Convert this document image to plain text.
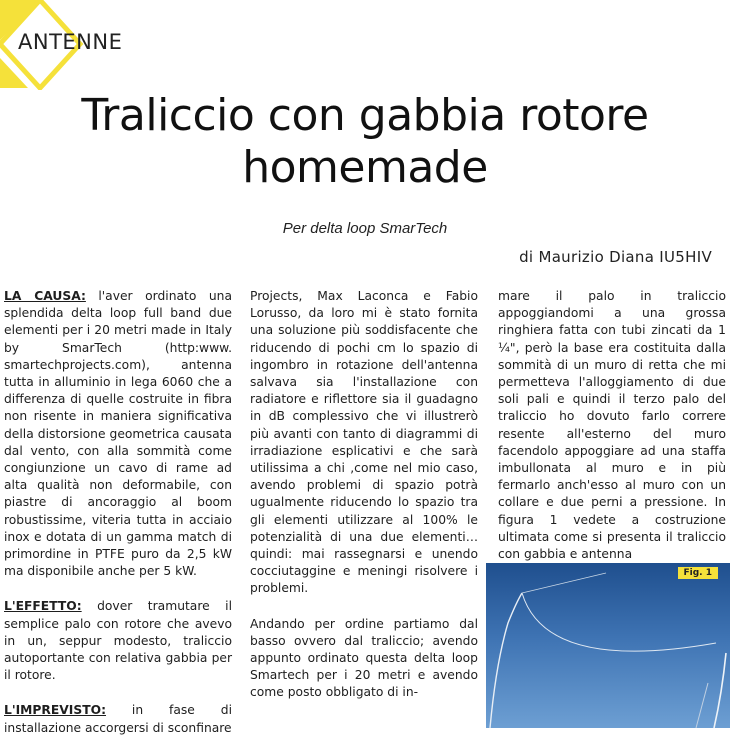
ANTENNE
Traliccio con gabbia rotore homemade
Per delta loop SmarTech
di Maurizio Diana IU5HIV

LA CAUSA: l'aver ordinato una splendida delta loop full band due elementi per i 20 metri made in Italy by SmarTech (http:www. smartechprojects.com), antenna tutta in alluminio in lega 6060 che a differenza di quelle costruite in fibra non risente in maniera significativa della distorsione geometrica causata dal vento, con alla sommità come congiunzione un cavo di rame ad alta qualità non deformabile, con piastre di ancoraggio al boom robustissime, viteria tutta in acciaio inox e dotata di un gamma match di primordine in PTFE puro da 2,5 kW ma disponibile anche per 5 kW.

L'EFFETTO: dover tramutare il semplice palo con rotore che avevo in un, seppur modesto, traliccio autoportante con relativa gabbia per il rotore.

L'IMPREVISTO: in fase di installazione accorgersi di sconfinare

Projects, Max Laconca e Fabio Lorusso, da loro mi è stato fornita una soluzione più soddisfacente che riducendo di pochi cm lo spazio di ingombro in rotazione dell'antenna salvava sia l'installazione con radiatore e riflettore sia il guadagno in dB complessivo che vi illustrerò più avanti con tanto di diagrammi di irradiazione esplicativi e che sarà utilissima a chi ,come nel mio caso, avendo problemi di spazio potrà ugualmente riducendo lo spazio tra gli elementi utilizzare al 100% le potenzialità di una due elementi… quindi: mai rassegnarsi e unendo cocciutaggine e meningi risolvere i problemi.

Andando per ordine partiamo dal basso ovvero dal traliccio; avendo appunto ordinato questa delta loop Smartech per i 20 metri e avendo come posto obbligato di in-

mare il palo in traliccio appoggiandomi a una grossa ringhiera fatta con tubi zincati da 1 ¼", però la base era costituita dalla sommità di un muro di retta che mi permetteva l'alloggiamento di due soli pali e quindi il terzo palo del traliccio ho dovuto farlo correre resente all'esterno del muro facendolo appoggiare ad una staffa imbullonata al muro e in più fermarlo anch'esso al muro con un collare e due perni a pressione. In figura 1 vedete a costruzione ultimata come si presenta il traliccio con gabbia e antenna

Fig. 1
